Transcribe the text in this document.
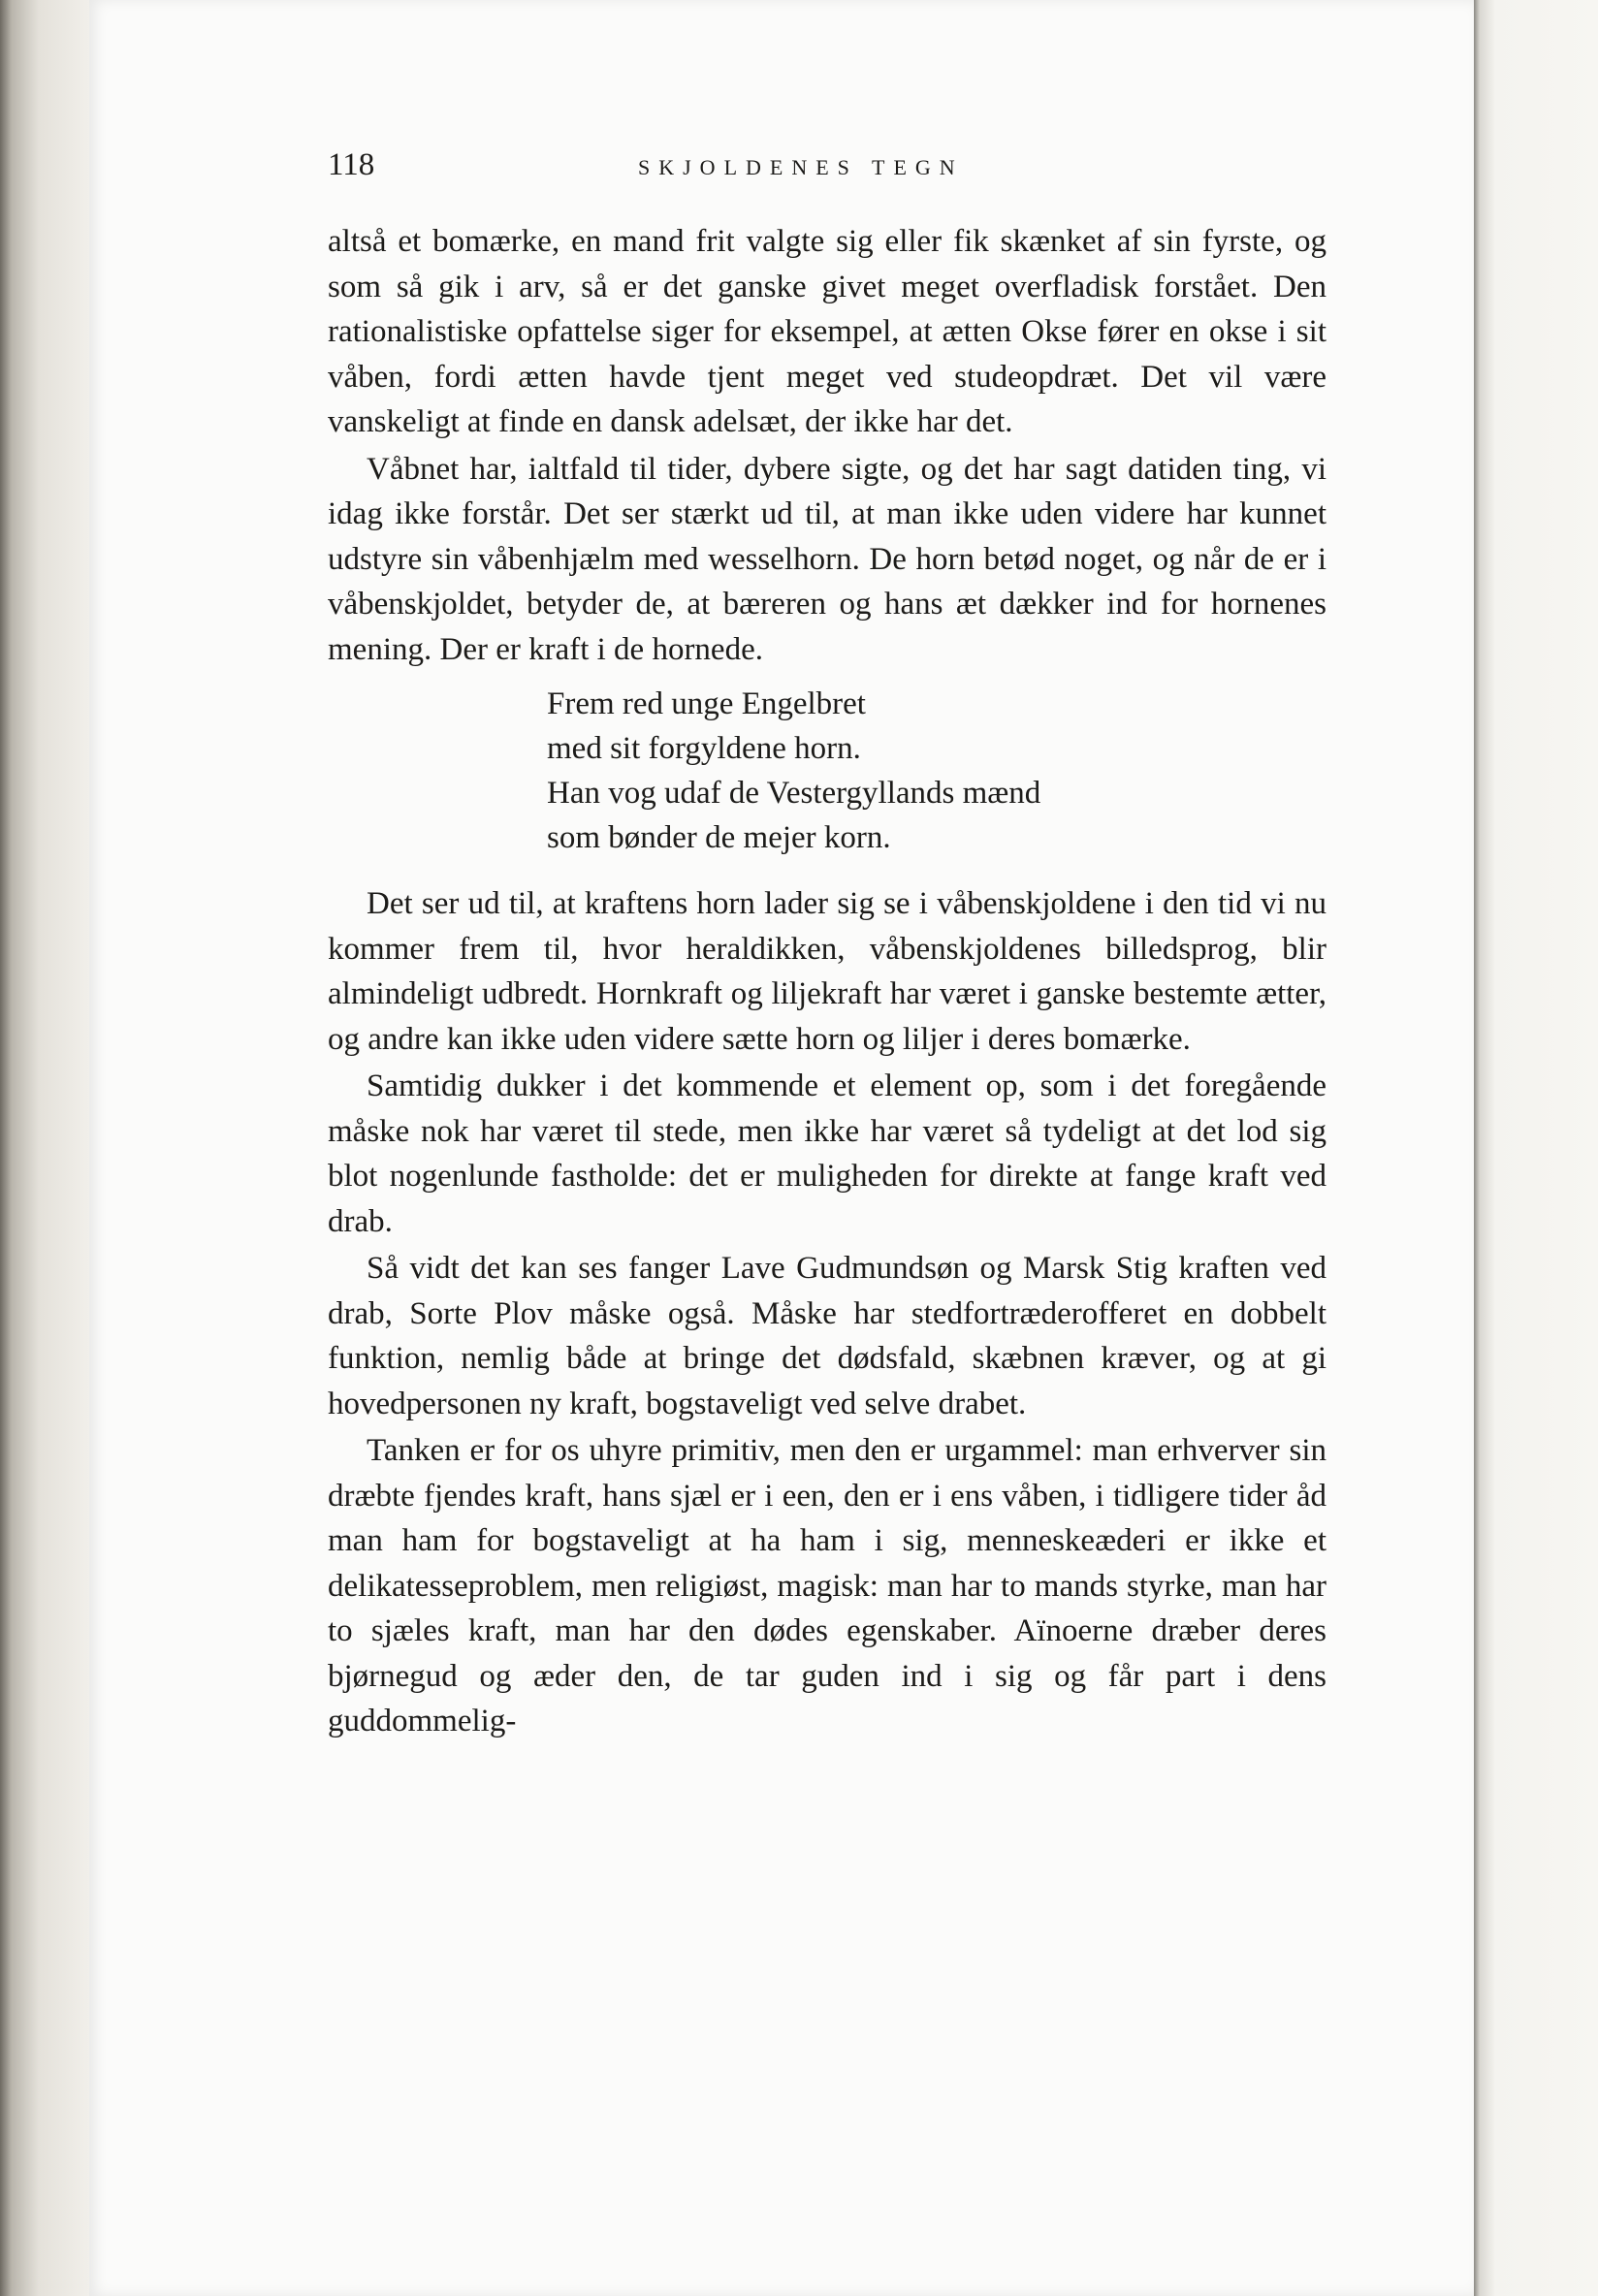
118	SKJOLDENES TEGN

altså et bomærke, en mand frit valgte sig eller fik skænket af sin fyrste, og som så gik i arv, så er det ganske givet meget overfladisk forstået. Den rationalistiske opfattelse siger for eksempel, at ætten Okse fører en okse i sit våben, fordi ætten havde tjent meget ved studeopdræt. Det vil være vanskeligt at finde en dansk adelsæt, der ikke har det.

Våbnet har, ialtfald til tider, dybere sigte, og det har sagt datiden ting, vi idag ikke forstår. Det ser stærkt ud til, at man ikke uden videre har kunnet udstyre sin våbenhjælm med wesselhorn. De horn betød noget, og når de er i våbenskjoldet, betyder de, at bæreren og hans æt dækker ind for hornenes mening. Der er kraft i de hornede.

Frem red unge Engelbret
med sit forgyldene horn.
Han vog udaf de Vestergyllands mænd
som bønder de mejer korn.

Det ser ud til, at kraftens horn lader sig se i våbenskjoldene i den tid vi nu kommer frem til, hvor heraldikken, våbenskjoldenes billedsprog, blir almindeligt udbredt. Hornkraft og liljekraft har været i ganske bestemte ætter, og andre kan ikke uden videre sætte horn og liljer i deres bomærke.

Samtidig dukker i det kommende et element op, som i det foregående måske nok har været til stede, men ikke har været så tydeligt at det lod sig blot nogenlunde fastholde: det er muligheden for direkte at fange kraft ved drab.

Så vidt det kan ses fanger Lave Gudmundsøn og Marsk Stig kraften ved drab, Sorte Plov måske også. Måske har stedfortræderofferet en dobbelt funktion, nemlig både at bringe det dødsfald, skæbnen kræver, og at gi hovedpersonen ny kraft, bogstaveligt ved selve drabet.

Tanken er for os uhyre primitiv, men den er urgammel: man erhverver sin dræbte fjendes kraft, hans sjæl er i een, den er i ens våben, i tidligere tider åd man ham for bogstaveligt at ha ham i sig, menneskeæderi er ikke et delikatesseproblem, men religiøst, magisk: man har to mands styrke, man har to sjæles kraft, man har den dødes egenskaber. Aïnoerne dræber deres bjørnegud og æder den, de tar guden ind i sig og får part i dens guddommelig-
